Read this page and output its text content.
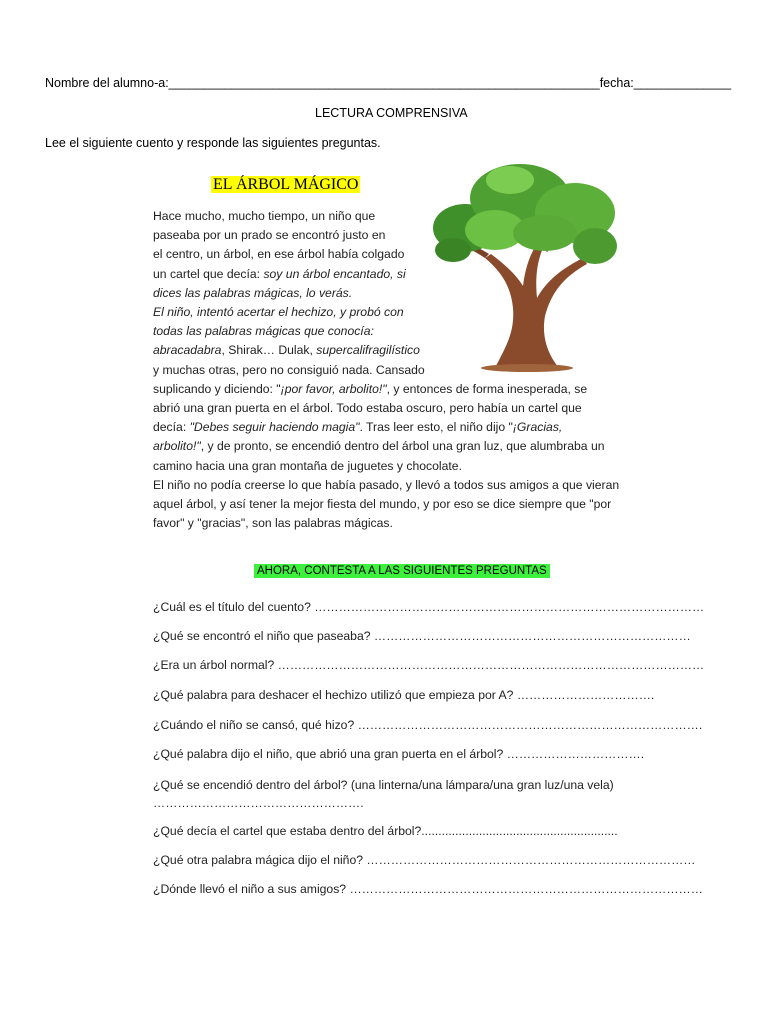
Nombre del alumno-a:______________________________________________________________fecha:______________
LECTURA COMPRENSIVA
Lee el siguiente cuento y responde las siguientes preguntas.
EL ÁRBOL MÁGICO
Hace mucho, mucho tiempo, un niño que
paseaba por un prado se encontró justo en
el centro, un árbol, en ese árbol había colgado
un cartel que decía: soy un árbol encantado, si
dices las palabras mágicas, lo verás.
El niño, intentó acertar el hechizo, y probó con
todas las palabras mágicas que conocía:
abracadabra, Shirak… Dulak, supercalifragilístico
y muchas otras, pero no consiguió nada. Cansado
suplicando y diciendo: "¡por favor, arbolito!", y entonces de forma inesperada, se
abrió una gran puerta en el árbol. Todo estaba oscuro, pero había un cartel que
decía: "Debes seguir haciendo magia". Tras leer esto, el niño dijo "¡Gracias,
arbolito!", y de pronto, se encendió dentro del árbol una gran luz, que alumbraba un
camino hacia una gran montaña de juguetes y chocolate.
El niño no podía creerse lo que había pasado, y llevó a todos sus amigos a que vieran
aquel árbol, y así tener la mejor fiesta del mundo, y por eso se dice siempre que "por
favor" y "gracias", son las palabras mágicas.
AHORA, CONTESTA A LAS SIGUIENTES PREGUNTAS
¿Cuál es el título del cuento? ……………………………………………………………………………………
¿Qué se encontró el niño que paseaba? ……………………………………………………………………
¿Era un árbol normal? ……………………………………………………………………………………………
¿Qué palabra para deshacer el hechizo utilizó que empieza por A? …………………………….
¿Cuándo el niño se cansó, qué hizo? ………………………………………………………………………….
¿Qué palabra dijo el niño, que abrió una gran puerta en el árbol? …………………………….
¿Qué se encendió dentro del árbol? (una linterna/una lámpara/una gran luz/una vela) …………………………………………….
¿Qué decía el cartel que estaba dentro del árbol?..........................................................
¿Qué otra palabra mágica dijo el niño? ………………………………………………………………………
¿Dónde llevó el niño a sus amigos? ……………………………………………………………………………
